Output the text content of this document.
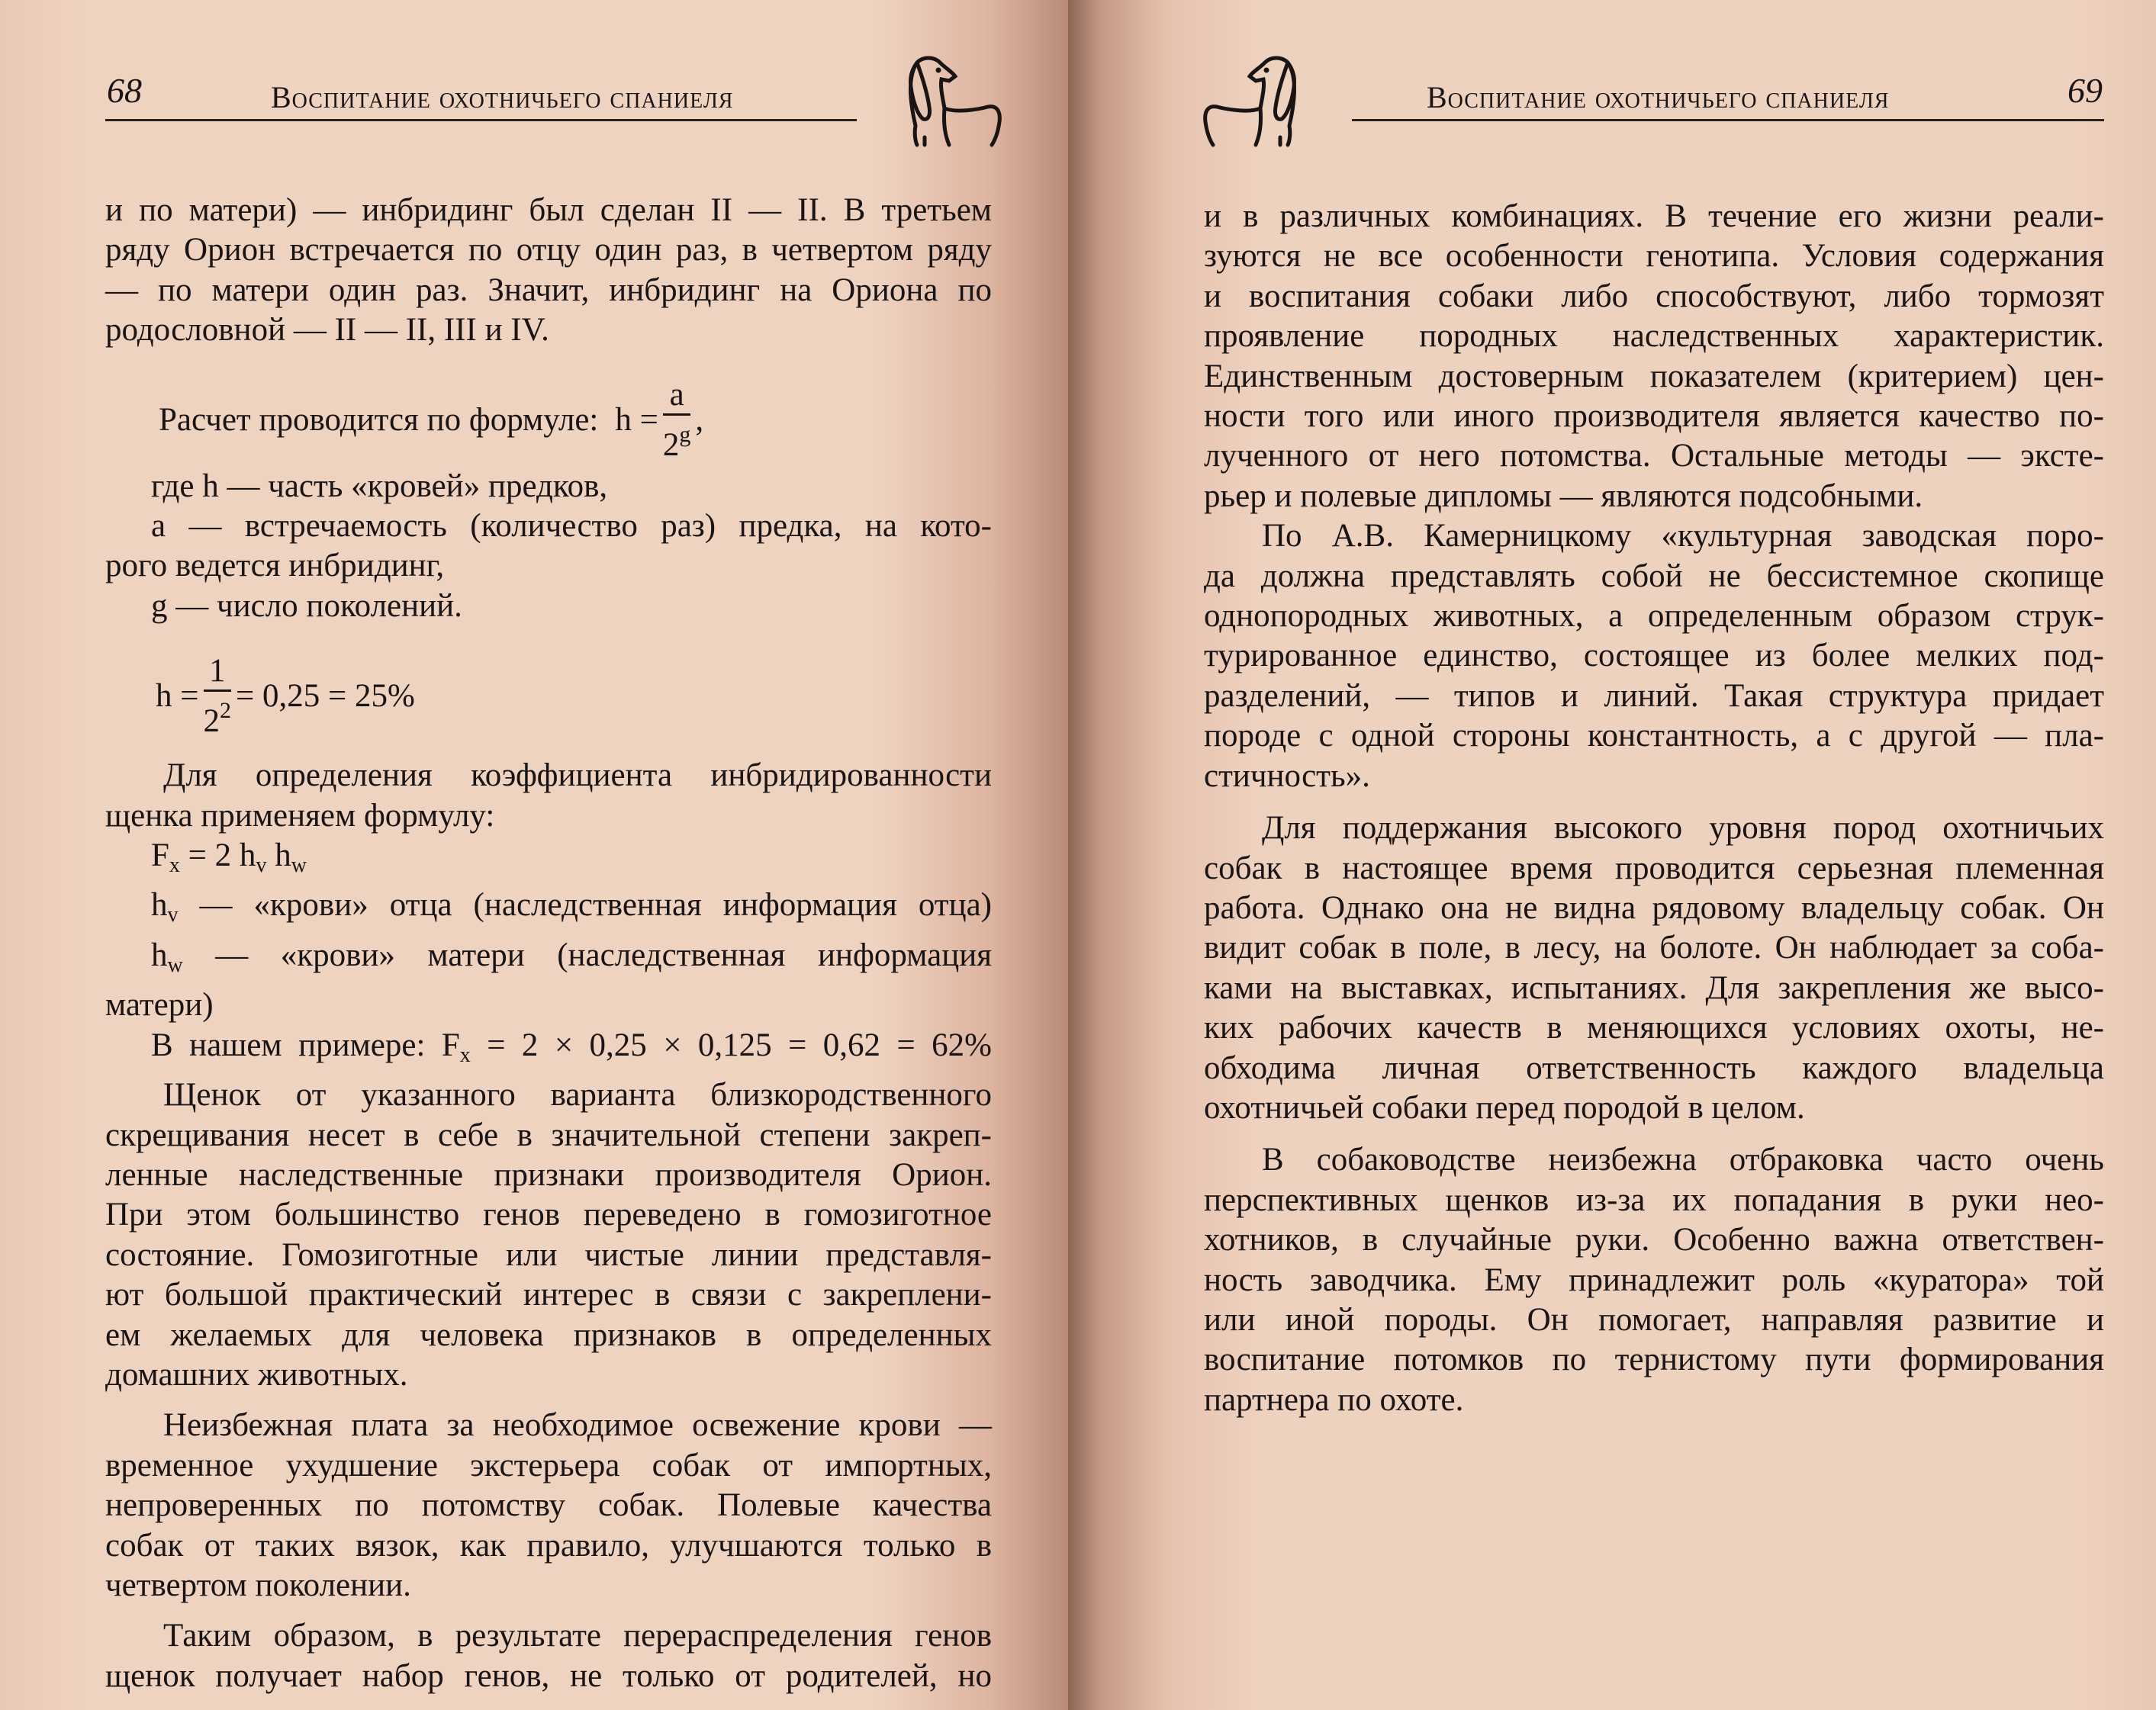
68	Воспитание охотничьего спаниеля

и по матери) — инбридинг был сделан II — II. В третьем

ряду Орион встречается по отцу один раз, в четвертом ряду

— по матери один раз. Значит, инбридинг на Ориона по

родословной — II — II, III и IV.

Расчет проводится по формуле: $h = \frac{a}{2^g}$ ,

где h — часть «кровей» предков,

a — встречаемость (количество раз) предка, на кото-

рого ведется инбридинг,

g — число поколений.

$h = \frac{1}{2^2} = 0,25 = 25\%$

Для определения коэффициента инбридированности

щенка применяем формулу:

$F_x = 2$ $h_v$ $h_w$

$h_v$ — «крови» отца (наследственная информация отца)

$h_w$ — «крови» матери (наследственная информация

матери)

В нашем примере: $F_x = 2 \times 0,25 \times 0,125 = 0,62 = 62\%$

Щенок от указанного варианта близкородственного

скрещивания несет в себе в значительной степени закреп-

ленные наследственные признаки производителя Орион.

При этом большинство генов переведено в гомозиготное

состояние. Гомозиготные или чистые линии представля-

ют большой практический интерес в связи с закреплени-

ем желаемых для человека признаков в определенных

домашних животных.

Неизбежная плата за необходимое освежение крови —

временное ухудшение экстерьера собак от импортных,

непроверенных по потомству собак. Полевые качества

собак от таких вязок, как правило, улучшаются только в

четвертом поколении.

Таким образом, в результате перераспределения генов

щенок получает набор генов, не только от родителей, но

Воспитание охотничьего спаниеля	69

и в различных комбинациях. В течение его жизни реали-

зуются не все особенности генотипа. Условия содержания

и воспитания собаки либо способствуют, либо тормозят

проявление породных наследственных характеристик.

Единственным достоверным показателем (критерием) цен-

ности того или иного производителя является качество по-

лученного от него потомства. Остальные методы — эксте-

рьер и полевые дипломы — являются подсобными.

По А.В. Камерницкому «культурная заводская поро-

да должна представлять собой не бессистемное скопище

однопородных животных, а определенным образом струк-

турированное единство, состоящее из более мелких под-

разделений, — типов и линий. Такая структура придает

породе с одной стороны константность, а с другой — пла-

стичность».

Для поддержания высокого уровня пород охотничьих

собак в настоящее время проводится серьезная племенная

работа. Однако она не видна рядовому владельцу собак. Он

видит собак в поле, в лесу, на болоте. Он наблюдает за соба-

ками на выставках, испытаниях. Для закрепления же высо-

ких рабочих качеств в меняющихся условиях охоты, не-

обходима личная ответственность каждого владельца

охотничьей собаки перед породой в целом.

В собаководстве неизбежна отбраковка часто очень

перспективных щенков из-за их попадания в руки нео-

хотников, в случайные руки. Особенно важна ответствен-

ность заводчика. Ему принадлежит роль «куратора» той

или иной породы. Он помогает, направляя развитие и

воспитание потомков по тернистому пути формирования

партнера по охоте.
